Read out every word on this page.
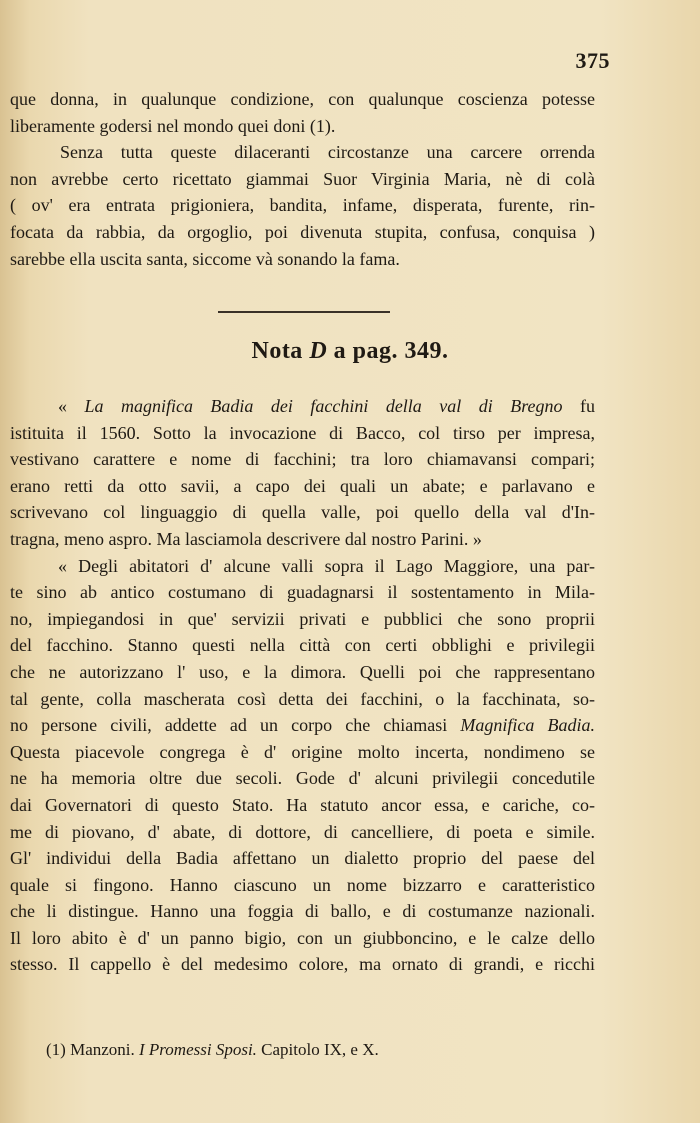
375
que donna, in qualunque condizione, con qualunque coscienza potesse
liberamente godersi nel mondo quei doni (1).
Senza tutta queste dilaceranti circostanze una carcere orrenda
non avrebbe certo ricettato giammai Suor Virginia Maria, nè di colà
( ov' era entrata prigioniera, bandita, infame, disperata, furente, rin-
focata da rabbia, da orgoglio, poi divenuta stupita, confusa, conquisa )
sarebbe ella uscita santa, siccome và sonando la fama.
Nota D a pag. 349.
« La magnifica Badia dei facchini della val di Bregno fu
istituita il 1560. Sotto la invocazione di Bacco, col tirso per impresa,
vestivano carattere e nome di facchini; tra loro chiamavansi compari;
erano retti da otto savii, a capo dei quali un abate; e parlavano e
scrivevano col linguaggio di quella valle, poi quello della val d'In-
tragna, meno aspro. Ma lasciamola descrivere dal nostro Parini. »
« Degli abitatori d' alcune valli sopra il Lago Maggiore, una par-
te sino ab antico costumano di guadagnarsi il sostentamento in Mila-
no, impiegandosi in que' servizii privati e pubblici che sono proprii
del facchino. Stanno questi nella città con certi obblighi e privilegii
che ne autorizzano l' uso, e la dimora. Quelli poi che rappresentano
tal gente, colla mascherata così detta dei facchini, o la facchinata, so-
no persone civili, addette ad un corpo che chiamasi Magnifica Badia.
Questa piacevole congrega è d' origine molto incerta, nondimeno se
ne ha memoria oltre due secoli. Gode d' alcuni privilegii concedutile
dai Governatori di questo Stato. Ha statuto ancor essa, e cariche, co-
me di piovano, d' abate, di dottore, di cancelliere, di poeta e simile.
Gl' individui della Badia affettano un dialetto proprio del paese del
quale si fingono. Hanno ciascuno un nome bizzarro e caratteristico
che li distingue. Hanno una foggia di ballo, e di costumanze nazionali.
Il loro abito è d' un panno bigio, con un giubboncino, e le calze dello
stesso. Il cappello è del medesimo colore, ma ornato di grandi, e ricchi
(1) Manzoni. I Promessi Sposi. Capitolo IX, e X.
